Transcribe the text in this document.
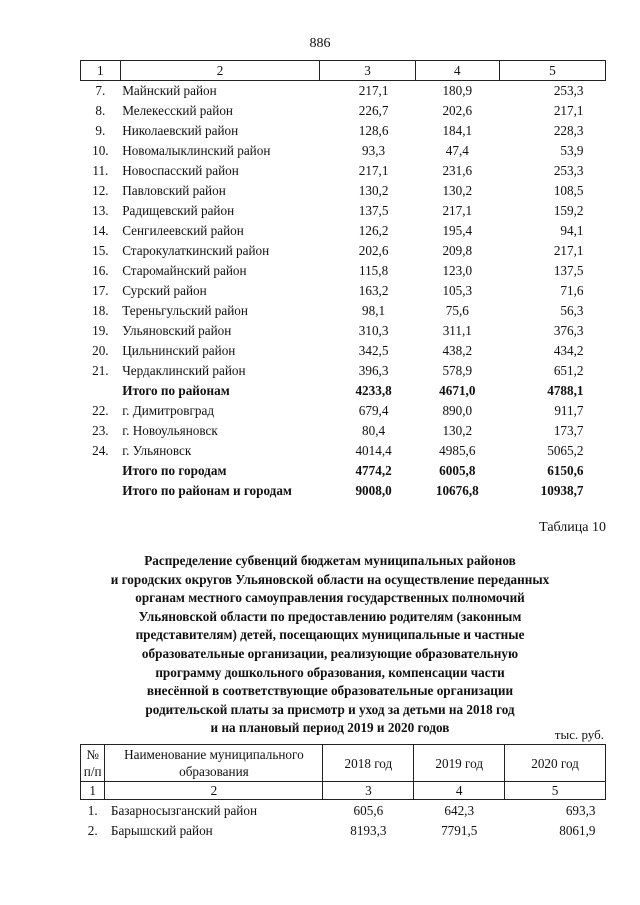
886
1	2	3	4	5
7.	Майнский район	217,1	180,9	253,3
8.	Мелекесский район	226,7	202,6	217,1
9.	Николаевский район	128,6	184,1	228,3
10.	Новомалыклинский район	93,3	47,4	53,9
11.	Новоспасский район	217,1	231,6	253,3
12.	Павловский район	130,2	130,2	108,5
13.	Радищевский район	137,5	217,1	159,2
14.	Сенгилеевский район	126,2	195,4	94,1
15.	Старокулаткинский район	202,6	209,8	217,1
16.	Старомайнский район	115,8	123,0	137,5
17.	Сурский район	163,2	105,3	71,6
18.	Тереньгульский район	98,1	75,6	56,3
19.	Ульяновский район	310,3	311,1	376,3
20.	Цильнинский район	342,5	438,2	434,2
21.	Чердаклинский район	396,3	578,9	651,2
	Итого по районам	4233,8	4671,0	4788,1
22.	г. Димитровград	679,4	890,0	911,7
23.	г. Новоульяновск	80,4	130,2	173,7
24.	г. Ульяновск	4014,4	4985,6	5065,2
	Итого по городам	4774,2	6005,8	6150,6
	Итого по районам и городам	9008,0	10676,8	10938,7
Таблица 10
Распределение субвенций бюджетам муниципальных районов
и городских округов Ульяновской области на осуществление переданных
органам местного самоуправления государственных полномочий
Ульяновской области по предоставлению родителям (законным
представителям) детей, посещающих муниципальные и частные
образовательные организации, реализующие образовательную
программу дошкольного образования, компенсации части
внесённой в соответствующие образовательные организации
родительской платы за присмотр и уход за детьми на 2018 год
и на плановый период 2019 и 2020 годов	тыс. руб.
№ п/п	Наименование муниципального образования	2018 год	2019 год	2020 год
1	2	3	4	5
1.	Базарносызганский район	605,6	642,3	693,3
2.	Барышский район	8193,3	7791,5	8061,9
